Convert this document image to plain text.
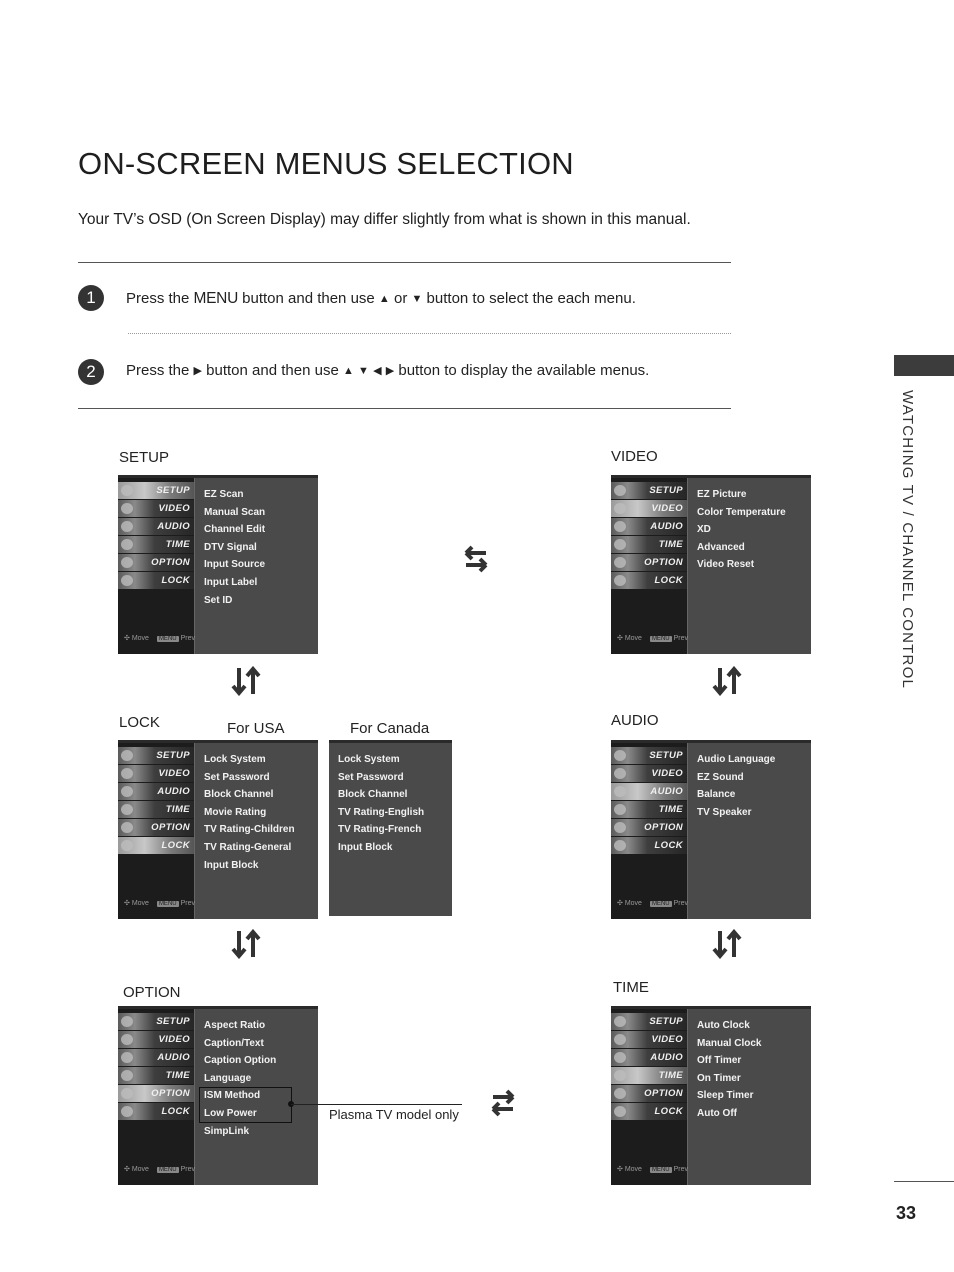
ON-SCREEN MENUS SELECTION
Your TV’s OSD (On Screen Display) may differ slightly from what is shown in this manual.
1	Press the MENU button and then use ▲ or ▼ button to select the each menu.
2	Press the ▶ button and then use ▲ ▼ ◀ ▶ button to display the available menus.
WATCHING TV / CHANNEL CONTROL
33
SETUP
SETUP
VIDEO
AUDIO
TIME
OPTION
LOCK
✣ Move MENU Prev
EZ Scan
Manual Scan
Channel Edit
DTV Signal
Input Source
Input Label
Set ID
VIDEO
SETUP
VIDEO
AUDIO
TIME
OPTION
LOCK
✣ Move MENU Prev
EZ Picture
Color Temperature
XD
Advanced
Video Reset
LOCK	For USA	For Canada
SETUP
VIDEO
AUDIO
TIME
OPTION
LOCK
✣ Move MENU Prev
Lock System
Set Password
Block Channel
Movie Rating
TV Rating-Children
TV Rating-General
Input Block
Lock System
Set Password
Block Channel
TV Rating-English
TV Rating-French
Input Block
AUDIO
SETUP
VIDEO
AUDIO
TIME
OPTION
LOCK
✣ Move MENU Prev
Audio Language
EZ Sound
Balance
TV Speaker
OPTION
SETUP
VIDEO
AUDIO
TIME
OPTION
LOCK
✣ Move MENU Prev
Aspect Ratio
Caption/Text
Caption Option
Language
ISM Method
Low Power
SimpLink
Plasma TV model only
TIME
SETUP
VIDEO
AUDIO
TIME
OPTION
LOCK
✣ Move MENU Prev
Auto Clock
Manual Clock
Off Timer
On Timer
Sleep Timer
Auto Off
